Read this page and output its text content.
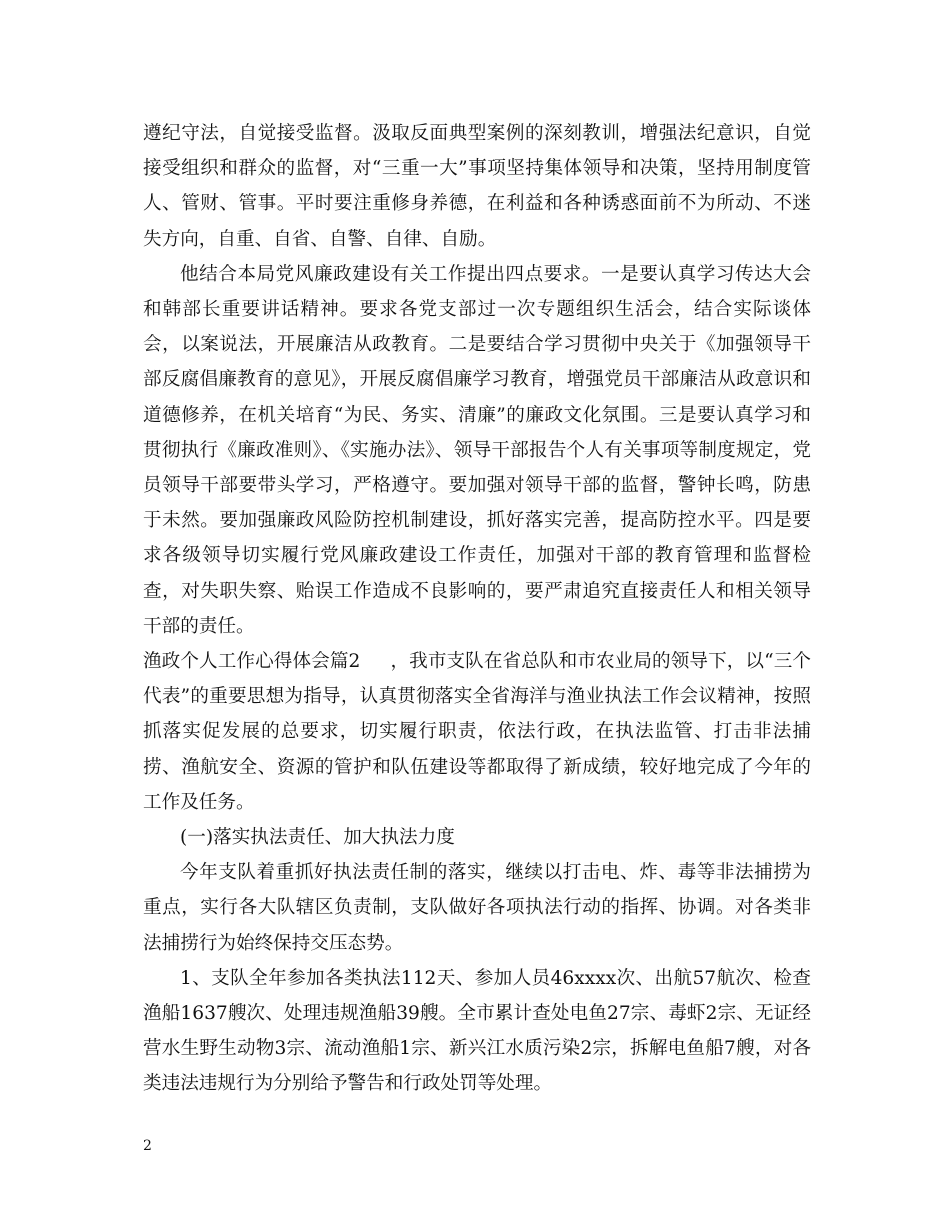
遵纪守法，自觉接受监督。汲取反面典型案例的深刻教训，增强法纪意识，自觉接受组织和群众的监督，对“三重一大”事项坚持集体领导和决策，坚持用制度管人、管财、管事。平时要注重修身养德，在利益和各种诱惑面前不为所动、不迷失方向，自重、自省、自警、自律、自励。

他结合本局党风廉政建设有关工作提出四点要求。一是要认真学习传达大会和韩部长重要讲话精神。要求各党支部过一次专题组织生活会，结合实际谈体会，以案说法，开展廉洁从政教育。二是要结合学习贯彻中央关于《加强领导干部反腐倡廉教育的意见》，开展反腐倡廉学习教育，增强党员干部廉洁从政意识和道德修养，在机关培育“为民、务实、清廉”的廉政文化氛围。三是要认真学习和贯彻执行《廉政准则》、《实施办法》、领导干部报告个人有关事项等制度规定，党员领导干部要带头学习，严格遵守。要加强对领导干部的监督，警钟长鸣，防患于未然。要加强廉政风险防控机制建设，抓好落实完善，提高防控水平。四是要求各级领导切实履行党风廉政建设工作责任，加强对干部的教育管理和监督检查，对失职失察、贻误工作造成不良影响的，要严肃追究直接责任人和相关领导干部的责任。

渔政个人工作心得体会篇2 ，我市支队在省总队和市农业局的领导下，以“三个代表”的重要思想为指导，认真贯彻落实全省海洋与渔业执法工作会议精神，按照抓落实促发展的总要求，切实履行职责，依法行政，在执法监管、打击非法捕捞、渔航安全、资源的管护和队伍建设等都取得了新成绩，较好地完成了今年的工作及任务。

(一)落实执法责任、加大执法力度

今年支队着重抓好执法责任制的落实，继续以打击电、炸、毒等非法捕捞为重点，实行各大队辖区负责制，支队做好各项执法行动的指挥、协调。对各类非法捕捞行为始终保持交压态势。

1、支队全年参加各类执法112天、参加人员46xxxx次、出航57航次、检查渔船1637艘次、处理违规渔船39艘。全市累计查处电鱼27宗、毒虾2宗、无证经营水生野生动物3宗、流动渔船1宗、新兴江水质污染2宗，拆解电鱼船7艘，对各类违法违规行为分别给予警告和行政处罚等处理。

2
